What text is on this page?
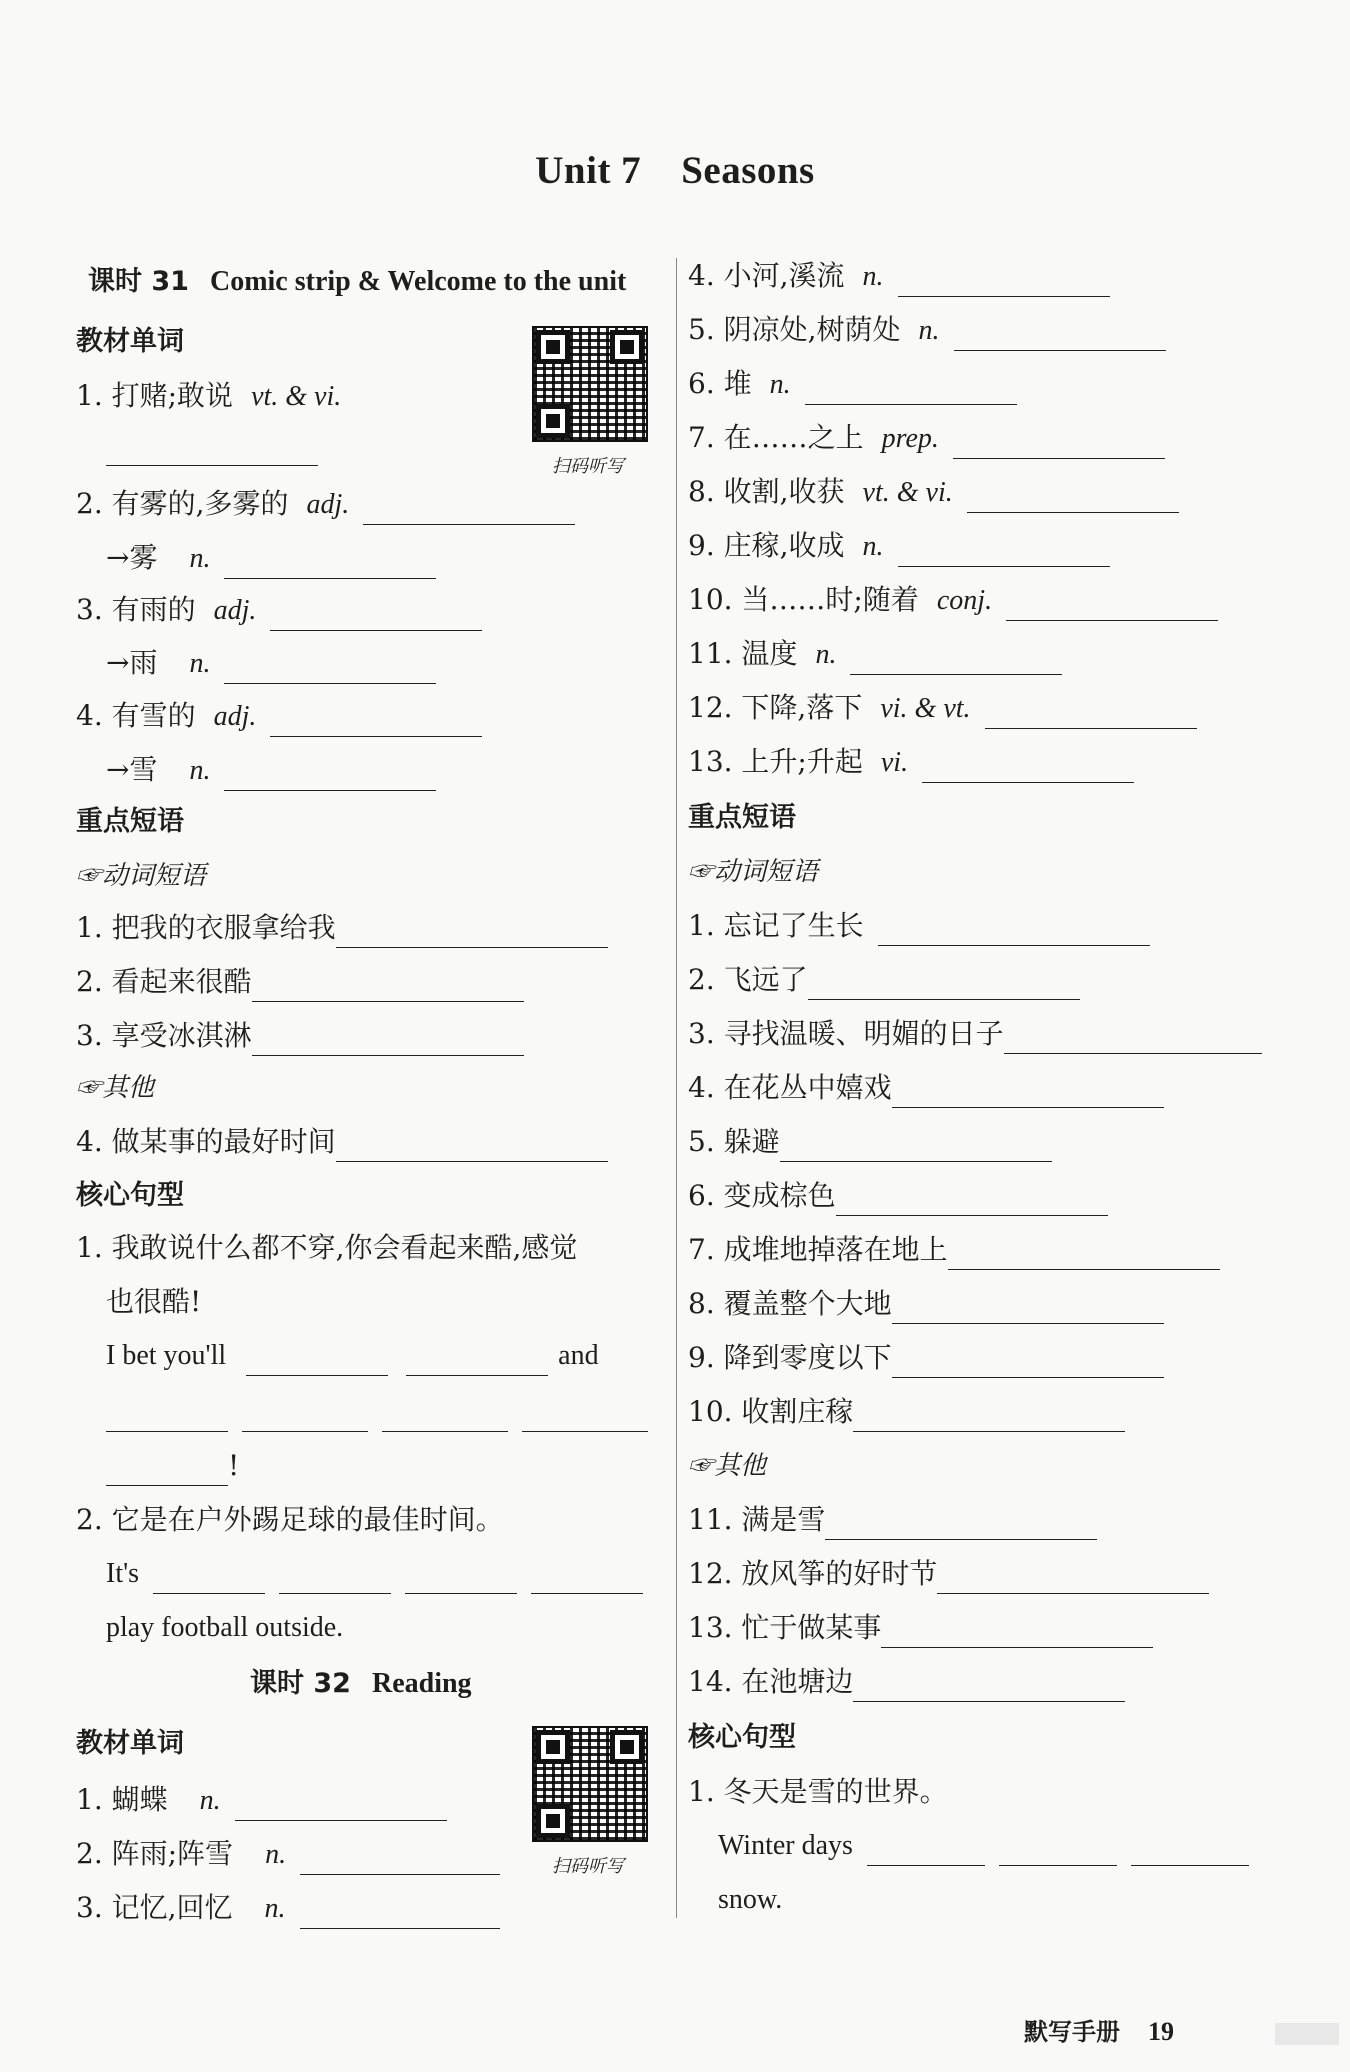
Unit 7 Seasons
课时 31 Comic strip & Welcome to the unit
教材单词
扫码听写
1. 打赌;敢说 vt. & vi.
2. 有雾的,多雾的 adj.
→雾 n.
3. 有雨的 adj.
→雨 n.
4. 有雪的 adj.
→雪 n.
重点短语
☞动词短语
1. 把我的衣服拿给我
2. 看起来很酷
3. 享受冰淇淋
☞其他
4. 做某事的最好时间
核心句型
1. 我敢说什么都不穿,你会看起来酷,感觉
也很酷!
I bet you'll	and
!
2. 它是在户外踢足球的最佳时间。
It's
play football outside.
课时 32 Reading
教材单词
扫码听写
1. 蝴蝶 n.
2. 阵雨;阵雪 n.
3. 记忆,回忆 n.
4. 小河,溪流 n.
5. 阴凉处,树荫处 n.
6. 堆 n.
7. 在……之上 prep.
8. 收割,收获 vt. & vi.
9. 庄稼,收成 n.
10. 当……时;随着 conj.
11. 温度 n.
12. 下降,落下 vi. & vt.
13. 上升;升起 vi.
重点短语
☞动词短语
1. 忘记了生长
2. 飞远了
3. 寻找温暖、明媚的日子
4. 在花丛中嬉戏
5. 躲避
6. 变成棕色
7. 成堆地掉落在地上
8. 覆盖整个大地
9. 降到零度以下
10. 收割庄稼
☞其他
11. 满是雪
12. 放风筝的好时节
13. 忙于做某事
14. 在池塘边
核心句型
1. 冬天是雪的世界。
Winter days
snow.
默写手册 19
